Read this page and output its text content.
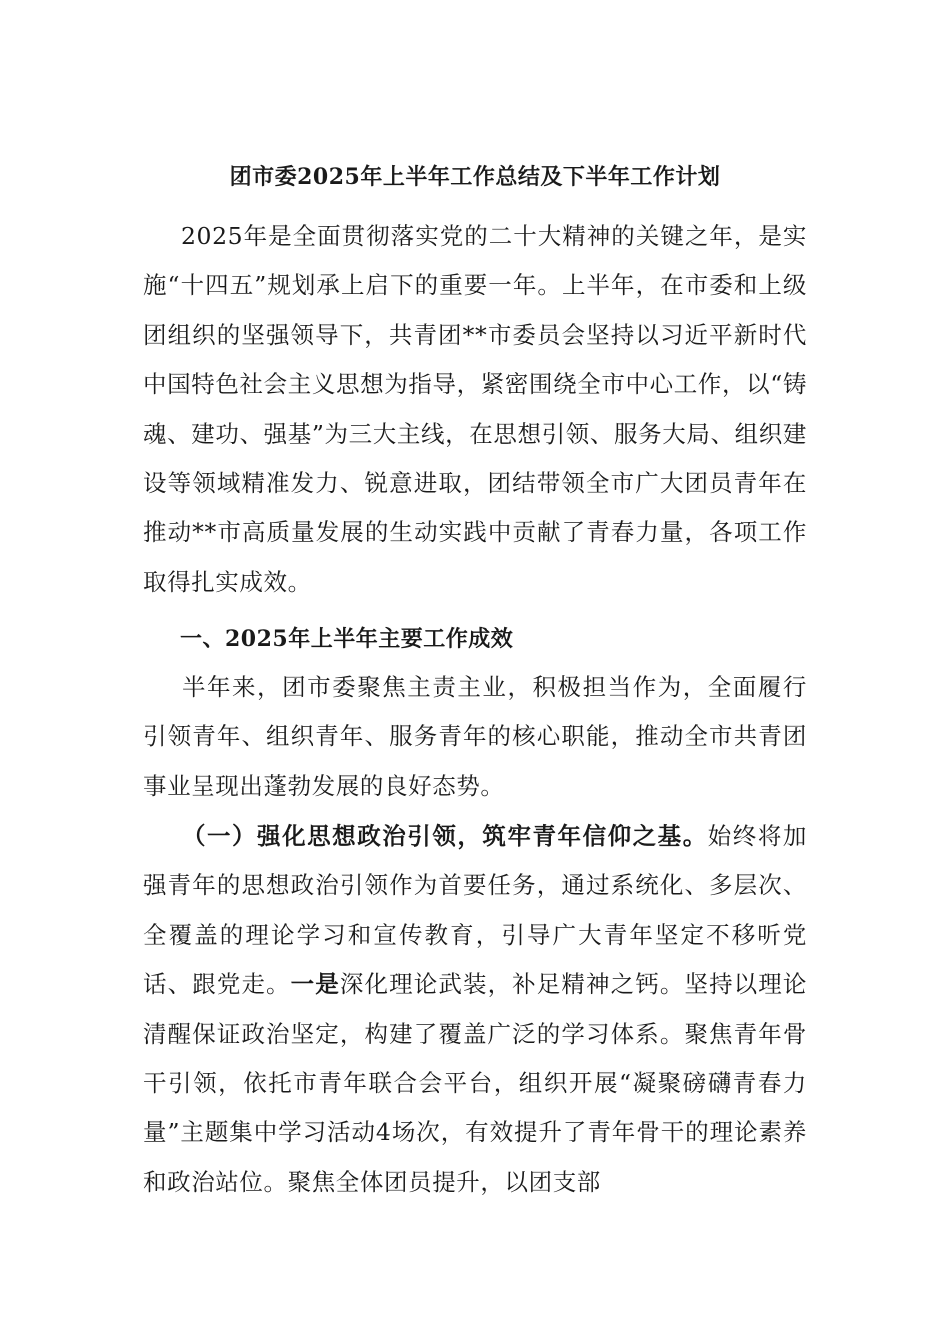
团市委2025年上半年工作总结及下半年工作计划

2025年是全面贯彻落实党的二十大精神的关键之年，是实施“十四五”规划承上启下的重要一年。上半年，在市委和上级团组织的坚强领导下，共青团**市委员会坚持以习近平新时代中国特色社会主义思想为指导，紧密围绕全市中心工作，以“铸魂、建功、强基”为三大主线，在思想引领、服务大局、组织建设等领域精准发力、锐意进取，团结带领全市广大团员青年在推动**市高质量发展的生动实践中贡献了青春力量，各项工作取得扎实成效。

一、2025年上半年主要工作成效

半年来，团市委聚焦主责主业，积极担当作为，全面履行引领青年、组织青年、服务青年的核心职能，推动全市共青团事业呈现出蓬勃发展的良好态势。

（一）强化思想政治引领，筑牢青年信仰之基。始终将加强青年的思想政治引领作为首要任务，通过系统化、多层次、全覆盖的理论学习和宣传教育，引导广大青年坚定不移听党话、跟党走。一是深化理论武装，补足精神之钙。坚持以理论清醒保证政治坚定，构建了覆盖广泛的学习体系。聚焦青年骨干引领，依托市青年联合会平台，组织开展“凝聚磅礴青春力量”主题集中学习活动4场次，有效提升了青年骨干的理论素养和政治站位。聚焦全体团员提升，以团支部
